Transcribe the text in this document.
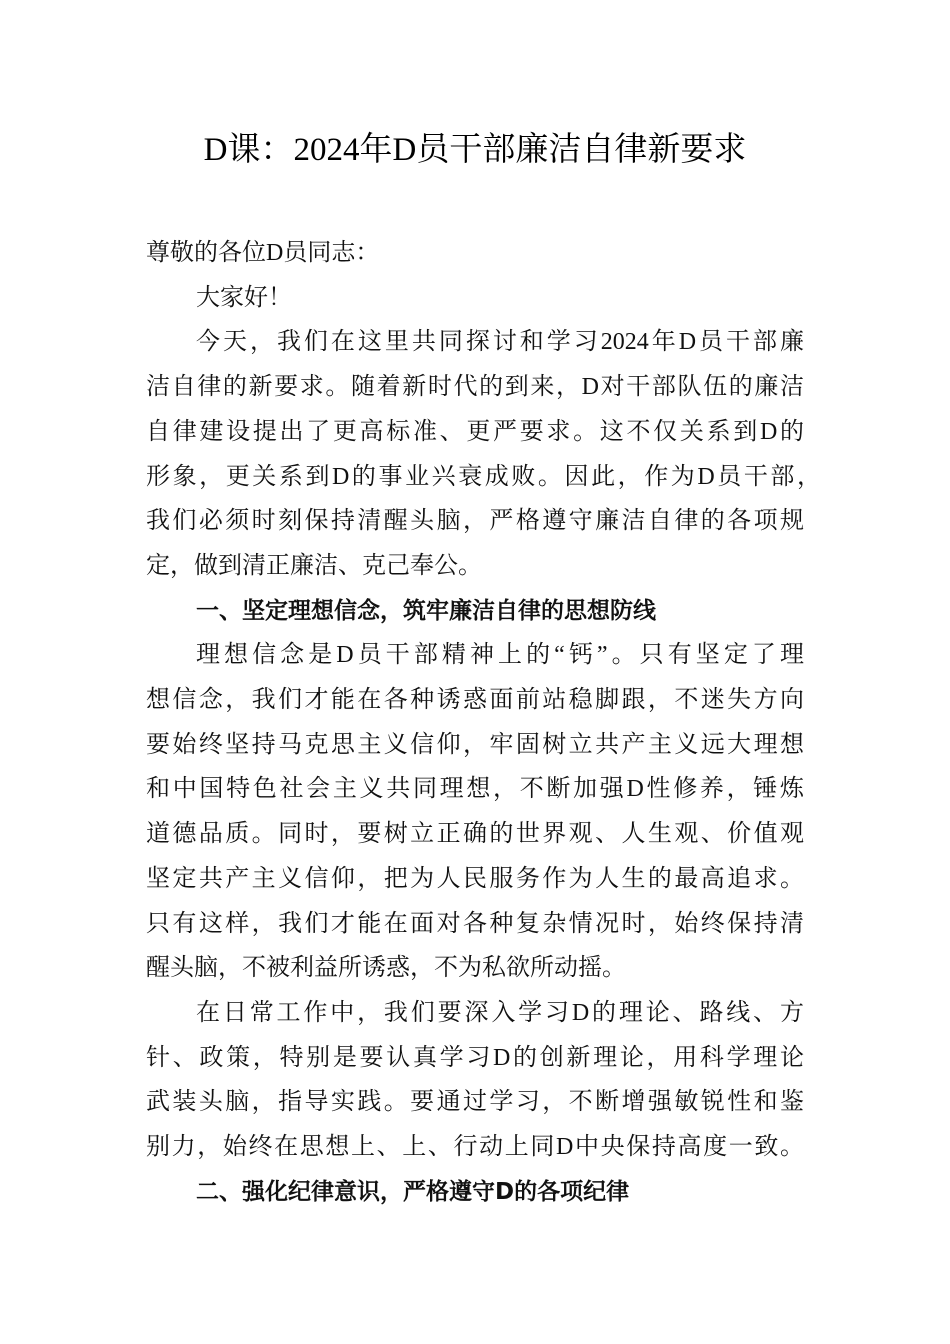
D课：2024年D员干部廉洁自律新要求
尊敬的各位D员同志：
大家好！
今天，我们在这里共同探讨和学习2024年D员干部廉
洁自律的新要求。随着新时代的到来，D对干部队伍的廉洁
自律建设提出了更高标准、更严要求。这不仅关系到D的
形象，更关系到D的事业兴衰成败。因此，作为D员干部，
我们必须时刻保持清醒头脑，严格遵守廉洁自律的各项规
定，做到清正廉洁、克己奉公。
一、坚定理想信念，筑牢廉洁自律的思想防线
理想信念是D员干部精神上的“钙”。只有坚定了理
想信念，我们才能在各种诱惑面前站稳脚跟，不迷失方向
要始终坚持马克思主义信仰，牢固树立共产主义远大理想
和中国特色社会主义共同理想，不断加强D性修养，锤炼
道德品质。同时，要树立正确的世界观、人生观、价值观
坚定共产主义信仰，把为人民服务作为人生的最高追求。
只有这样，我们才能在面对各种复杂情况时，始终保持清
醒头脑，不被利益所诱惑，不为私欲所动摇。
在日常工作中，我们要深入学习D的理论、路线、方
针、政策，特别是要认真学习D的创新理论，用科学理论
武装头脑，指导实践。要通过学习，不断增强敏锐性和鉴
别力，始终在思想上、上、行动上同D中央保持高度一致。
二、强化纪律意识，严格遵守D的各项纪律
